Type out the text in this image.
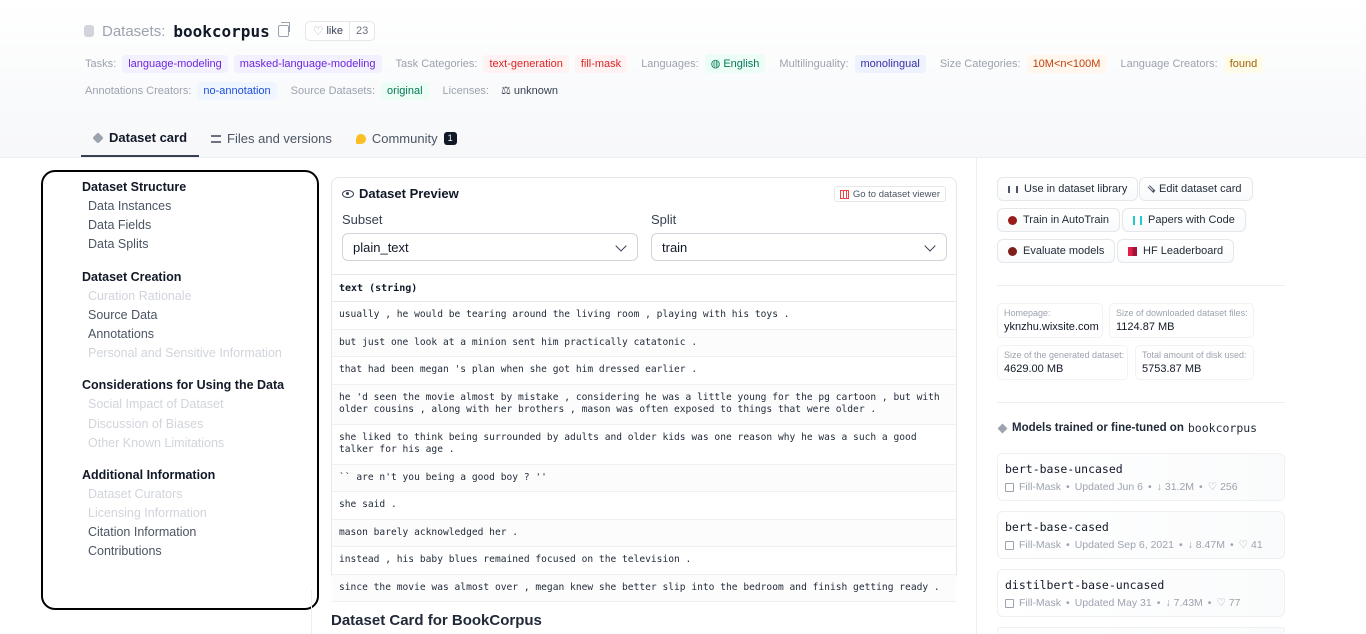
Datasets: bookcorpus	♡ like	23
Tasks:	language-modeling	masked-language-modeling	Task Categories:	text-generation	fill-mask	Languages:	◍ English	Multilinguality:	monolingual	Size Categories:	10M<n<100M	Language Creators:	found
Annotations Creators:	no-annotation	Source Datasets:	original	Licenses:	⚖ unknown
Dataset card	Files and versions	Community	1
Dataset Structure
Data Instances
Data Fields
Data Splits
Dataset Creation
Curation Rationale
Source Data
Annotations
Personal and Sensitive Information
Considerations for Using the Data
Social Impact of Dataset
Discussion of Biases
Other Known Limitations
Additional Information
Dataset Curators
Licensing Information
Citation Information
Contributions
Dataset Preview	Go to dataset viewer
Subset
plain_text
Split
train
text (string)
usually , he would be tearing around the living room , playing with his toys .
but just one look at a minion sent him practically catatonic .
that had been megan 's plan when she got him dressed earlier .
he 'd seen the movie almost by mistake , considering he was a little young for the pg cartoon , but with older cousins , along with her brothers , mason was often exposed to things that were older .
she liked to think being surrounded by adults and older kids was one reason why he was a such a good talker for his age .
`` are n't you being a good boy ? ''
she said .
mason barely acknowledged her .
instead , his baby blues remained focused on the television .
since the movie was almost over , megan knew she better slip into the bedroom and finish getting ready .
Dataset Card for BookCorpus
Use in dataset library	Edit dataset card
Train in AutoTrain	Papers with Code
Evaluate models	HF Leaderboard
Homepage:
yknzhu.wixsite.com
Size of downloaded dataset files:
1124.87 MB
Size of the generated dataset:
4629.00 MB
Total amount of disk used:
5753.87 MB
Models trained or fine-tuned on bookcorpus
bert-base-uncased
Fill-Mask • Updated Jun 6 • ↓ 31.2M • ♡ 256
bert-base-cased
Fill-Mask • Updated Sep 6, 2021 • ↓ 8.47M • ♡ 41
distilbert-base-uncased
Fill-Mask • Updated May 31 • ↓ 7.43M • ♡ 77
